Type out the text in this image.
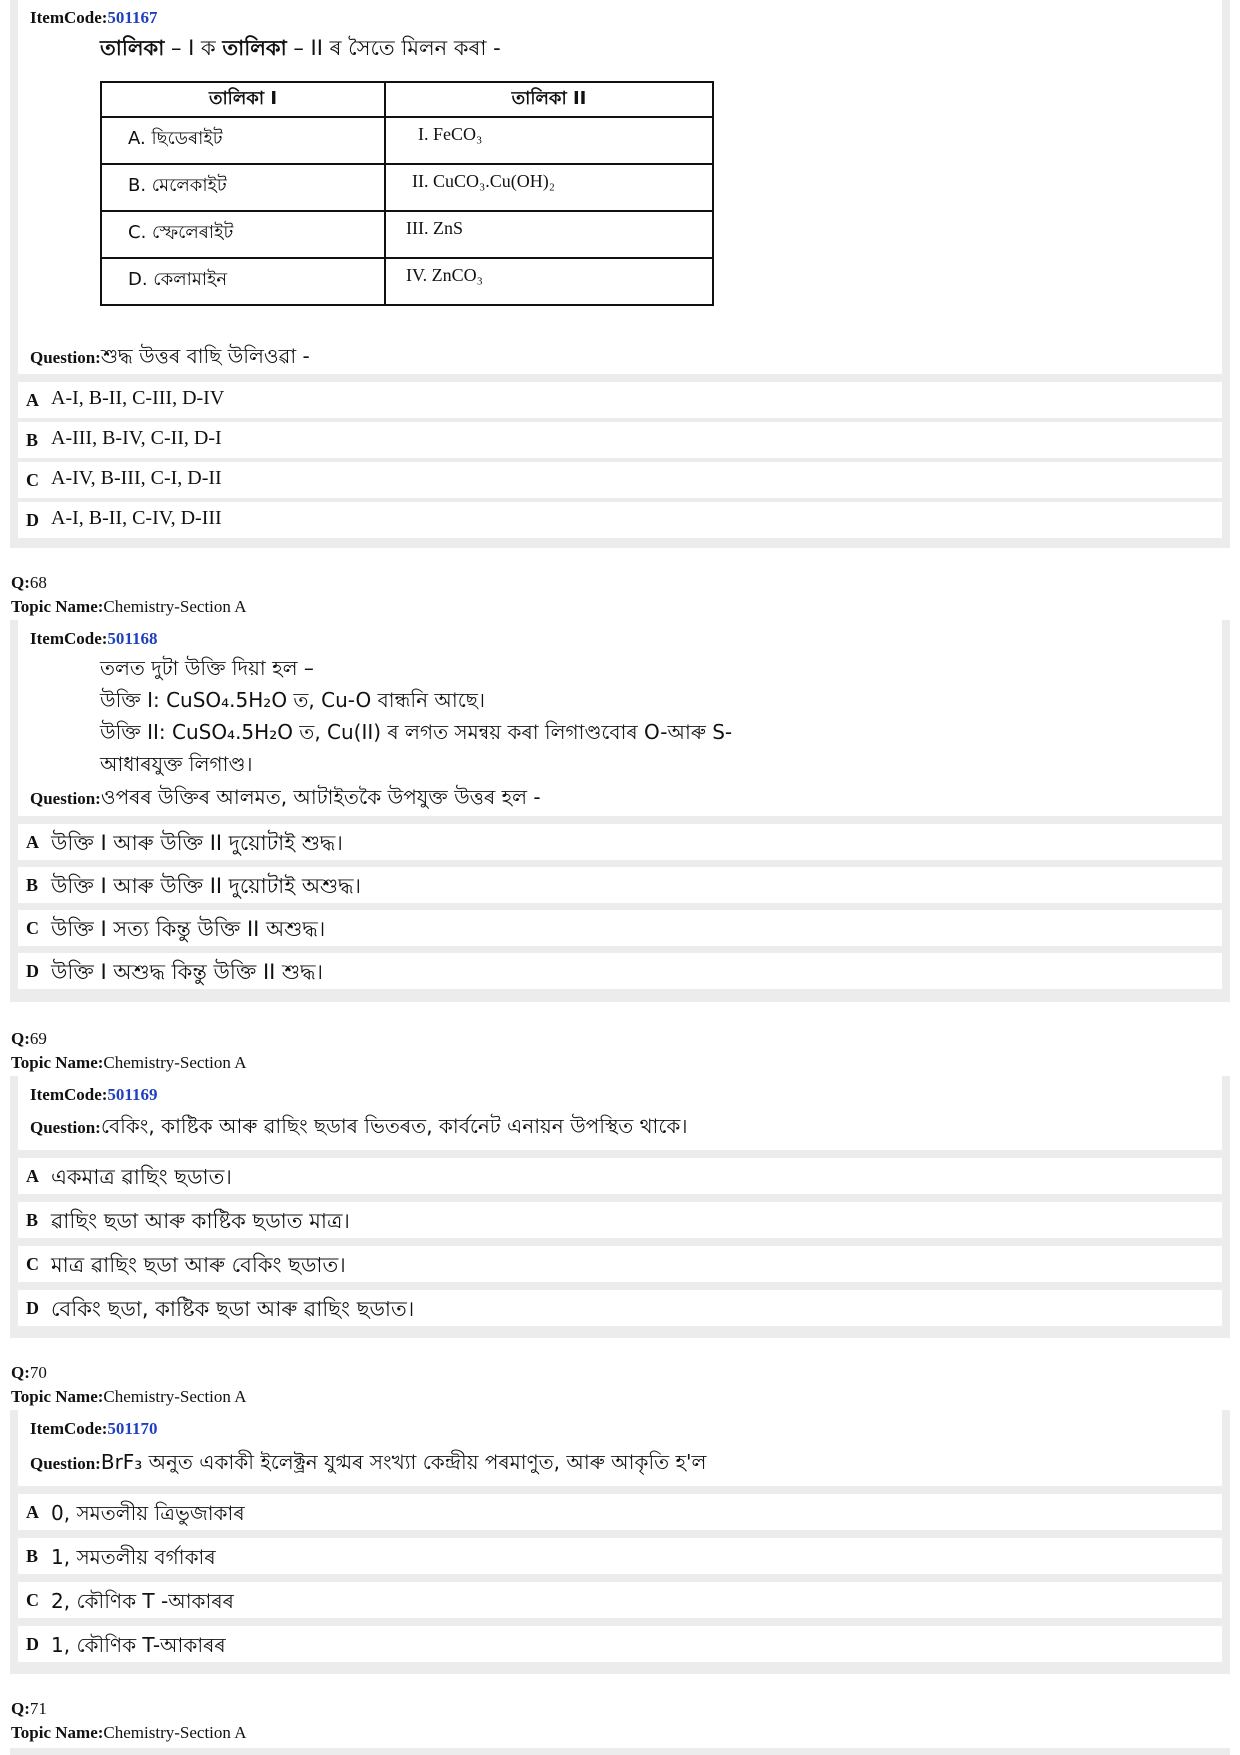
ItemCode:501167
তালিকা – I ক তালিকা – II ৰ সৈতে মিলন কৰা -
তালিকা I	তালিকা II
A. ছিডেৰাইট	I. FeCO₃
B. মেলেকাইট	II. CuCO₃.Cu(OH)₂
C. স্ফেলেৰাইট	III. ZnS
D. কেলামাইন	IV. ZnCO₃
Question:শুদ্ধ উত্তৰ বাছি উলিওৱা -
A A-I, B-II, C-III, D-IV
B A-III, B-IV, C-II, D-I
C A-IV, B-III, C-I, D-II
D A-I, B-II, C-IV, D-III
Q:68
Topic Name:Chemistry-Section A
ItemCode:501168
তলত দুটা উক্তি দিয়া হল –
উক্তি I: CuSO₄.5H₂O ত, Cu-O বান্ধনি আছে।
উক্তি II: CuSO₄.5H₂O ত, Cu(II) ৰ লগত সমন্বয় কৰা লিগাণ্ডবোৰ O-আৰু S-
আধাৰযুক্ত লিগাণ্ড।
Question:ওপৰৰ উক্তিৰ আলমত, আটাইতকৈ উপযুক্ত উত্তৰ হল -
A উক্তি I আৰু উক্তি II দুয়োটাই শুদ্ধ।
B উক্তি I আৰু উক্তি II দুয়োটাই অশুদ্ধ।
C উক্তি I সত্য কিন্তু উক্তি II অশুদ্ধ।
D উক্তি I অশুদ্ধ কিন্তু উক্তি II শুদ্ধ।
Q:69
Topic Name:Chemistry-Section A
ItemCode:501169
Question:বেকিং, কাষ্টিক আৰু ৱাছিং ছডাৰ ভিতৰত, কাৰ্বনেট এনায়ন উপস্থিত থাকে।
A একমাত্ৰ ৱাছিং ছডাত।
B ৱাছিং ছডা আৰু কাষ্টিক ছডাত মাত্ৰ।
C মাত্ৰ ৱাছিং ছডা আৰু বেকিং ছডাত।
D বেকিং ছডা, কাষ্টিক ছডা আৰু ৱাছিং ছডাত।
Q:70
Topic Name:Chemistry-Section A
ItemCode:501170
Question:BrF₃ অনুত একাকী ইলেক্ট্ৰন যুগ্মৰ সংখ্যা কেন্দ্ৰীয় পৰমাণুত, আৰু আকৃতি হ'ল
A 0, সমতলীয় ত্ৰিভুজাকাৰ
B 1, সমতলীয় বৰ্গাকাৰ
C 2, কৌণিক T -আকাৰৰ
D 1, কৌণিক T-আকাৰৰ
Q:71
Topic Name:Chemistry-Section A
